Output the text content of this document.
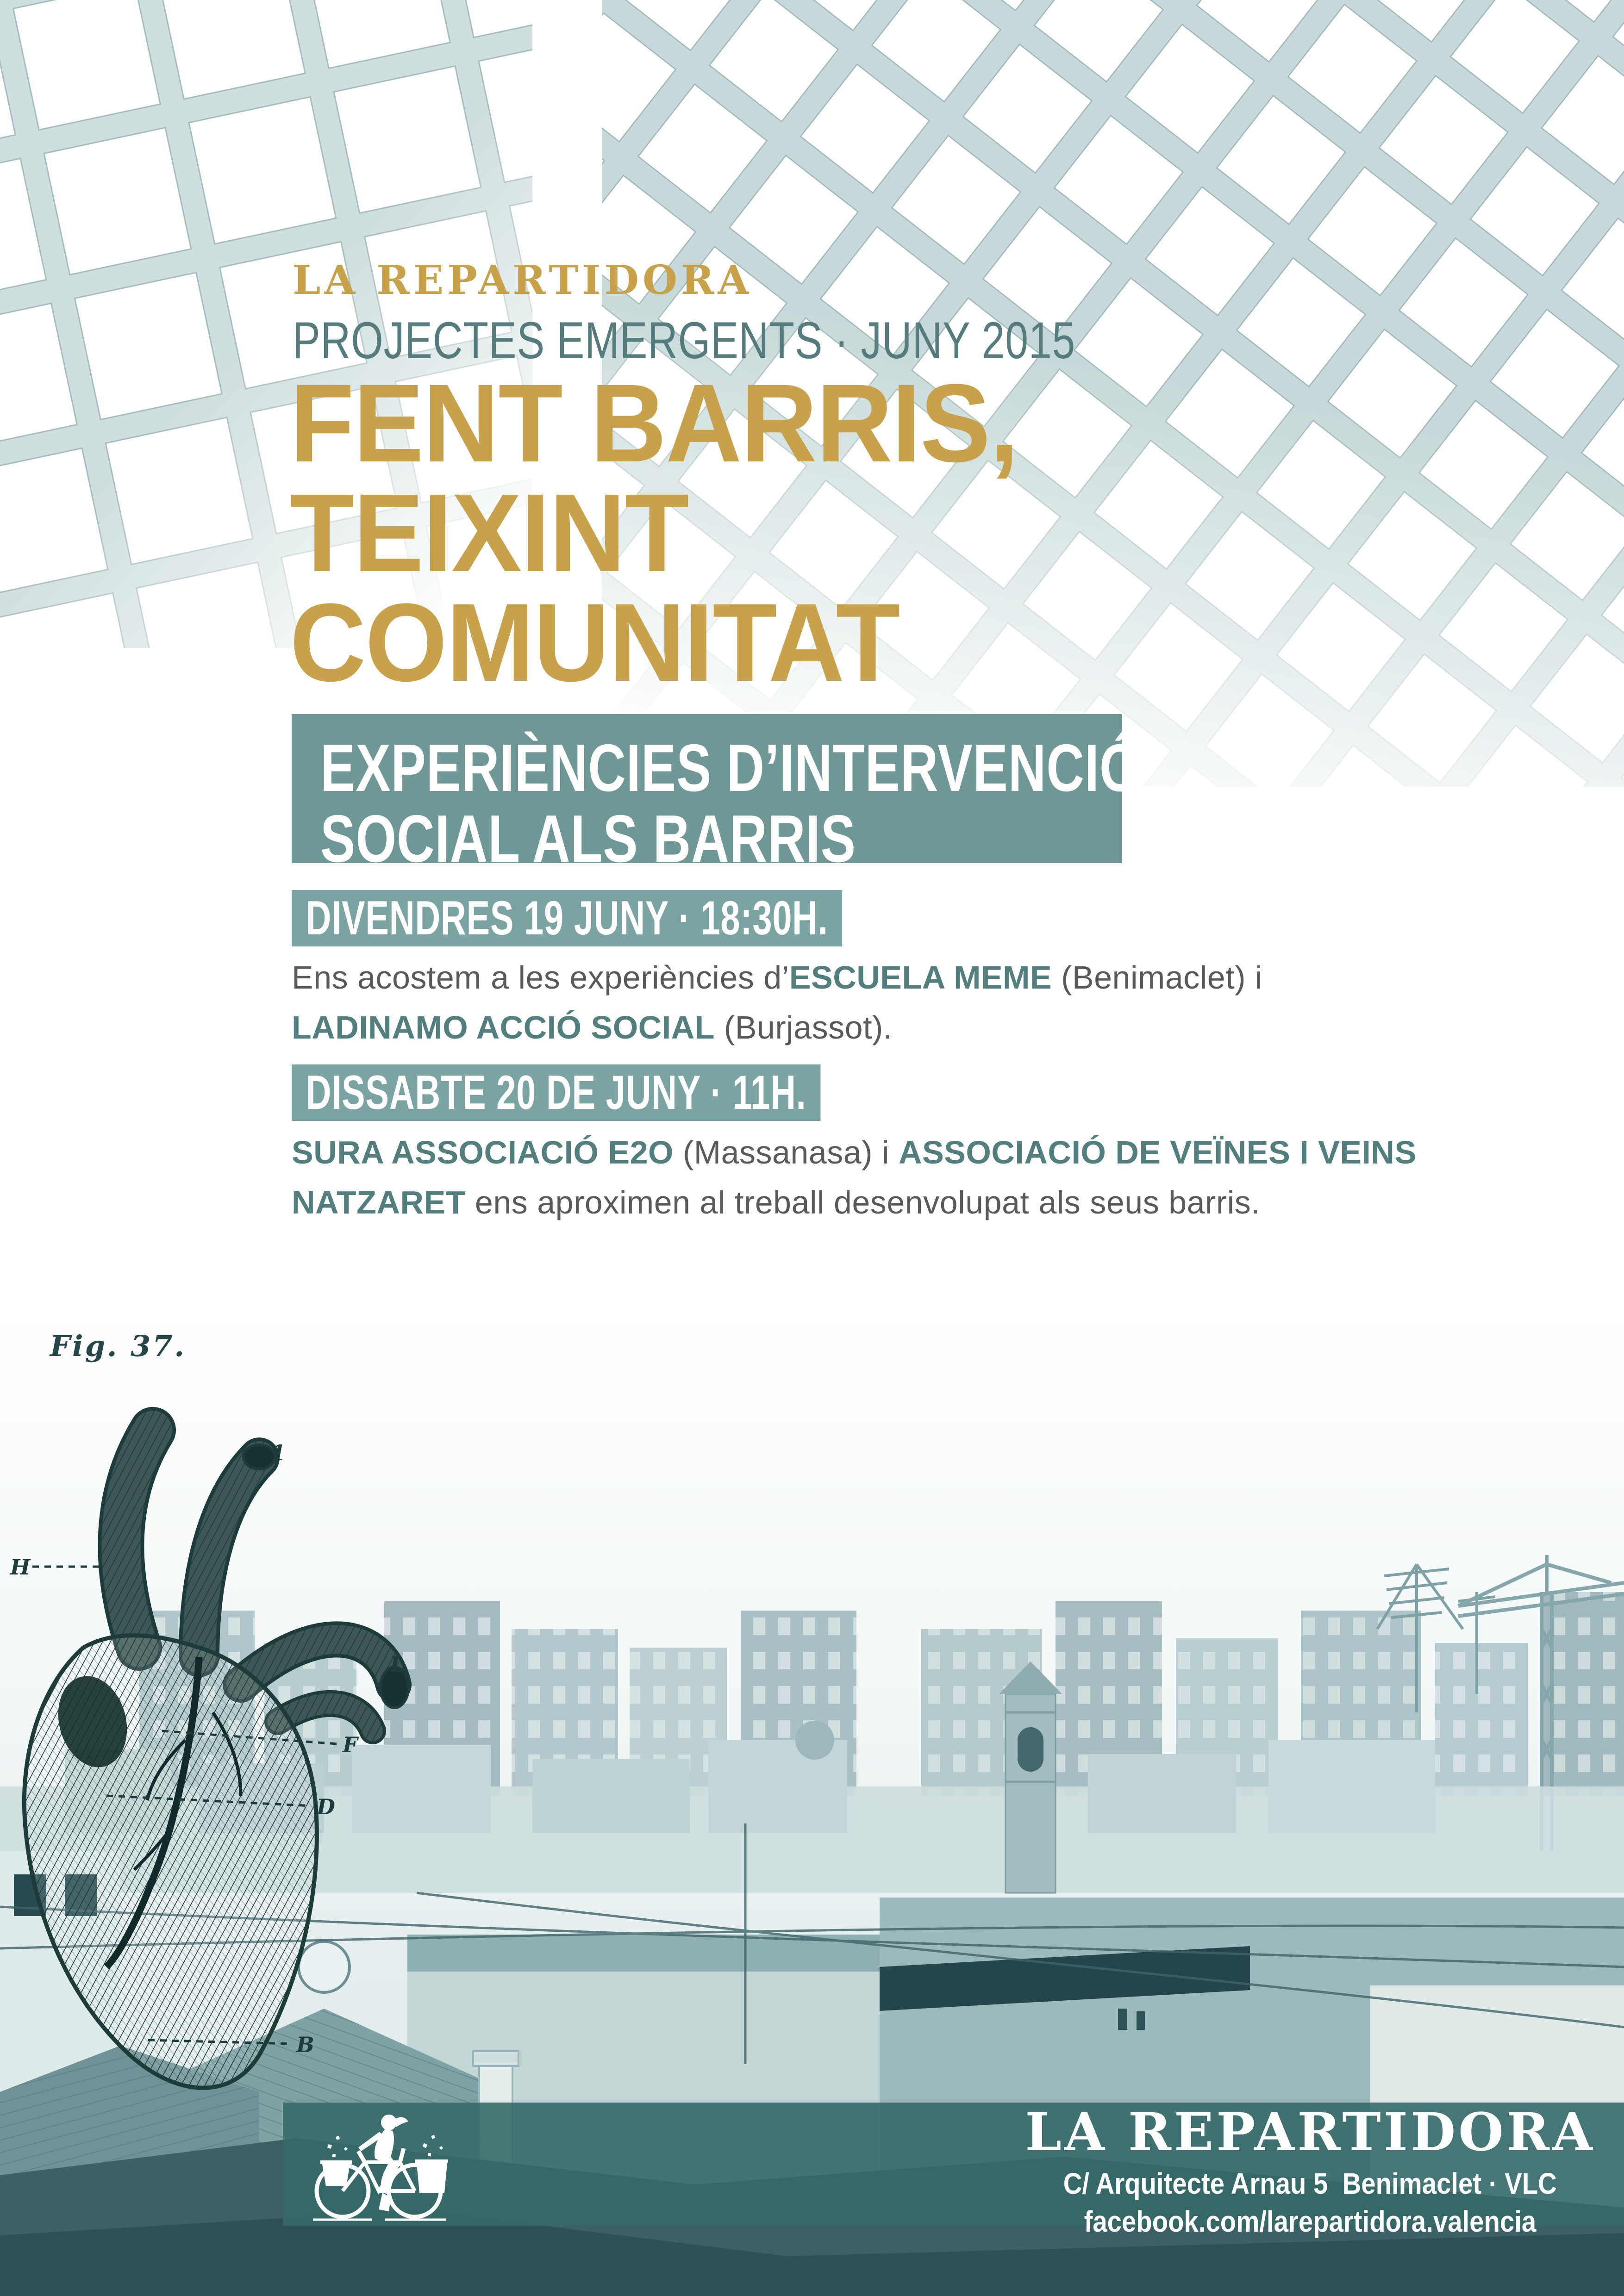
LA REPARTIDORA
PROJECTES EMERGENTS · JUNY 2015
FENT BARRIS,
TEIXINT
COMUNITAT
EXPERIÈNCIES D’INTERVENCIÓ
SOCIAL ALS BARRIS
DIVENDRES 19 JUNY · 18:30H.
Ens acostem a les experiències d’ESCUELA MEME (Benimaclet) i LADINAMO ACCIÓ SOCIAL (Burjassot).
DISSABTE 20 DE JUNY · 11H.
SURA ASSOCIACIÓ E2O (Massanasa) i ASSOCIACIÓ DE VEÏNES I VEINS NATZARET ens aproximen al treball desenvolupat als seus barris.
Fig. 37.
H
1
L
F
D
B
LA REPARTIDORA
C/ Arquitecte Arnau 5  Benimaclet · VLC
facebook.com/larepartidora.valencia
